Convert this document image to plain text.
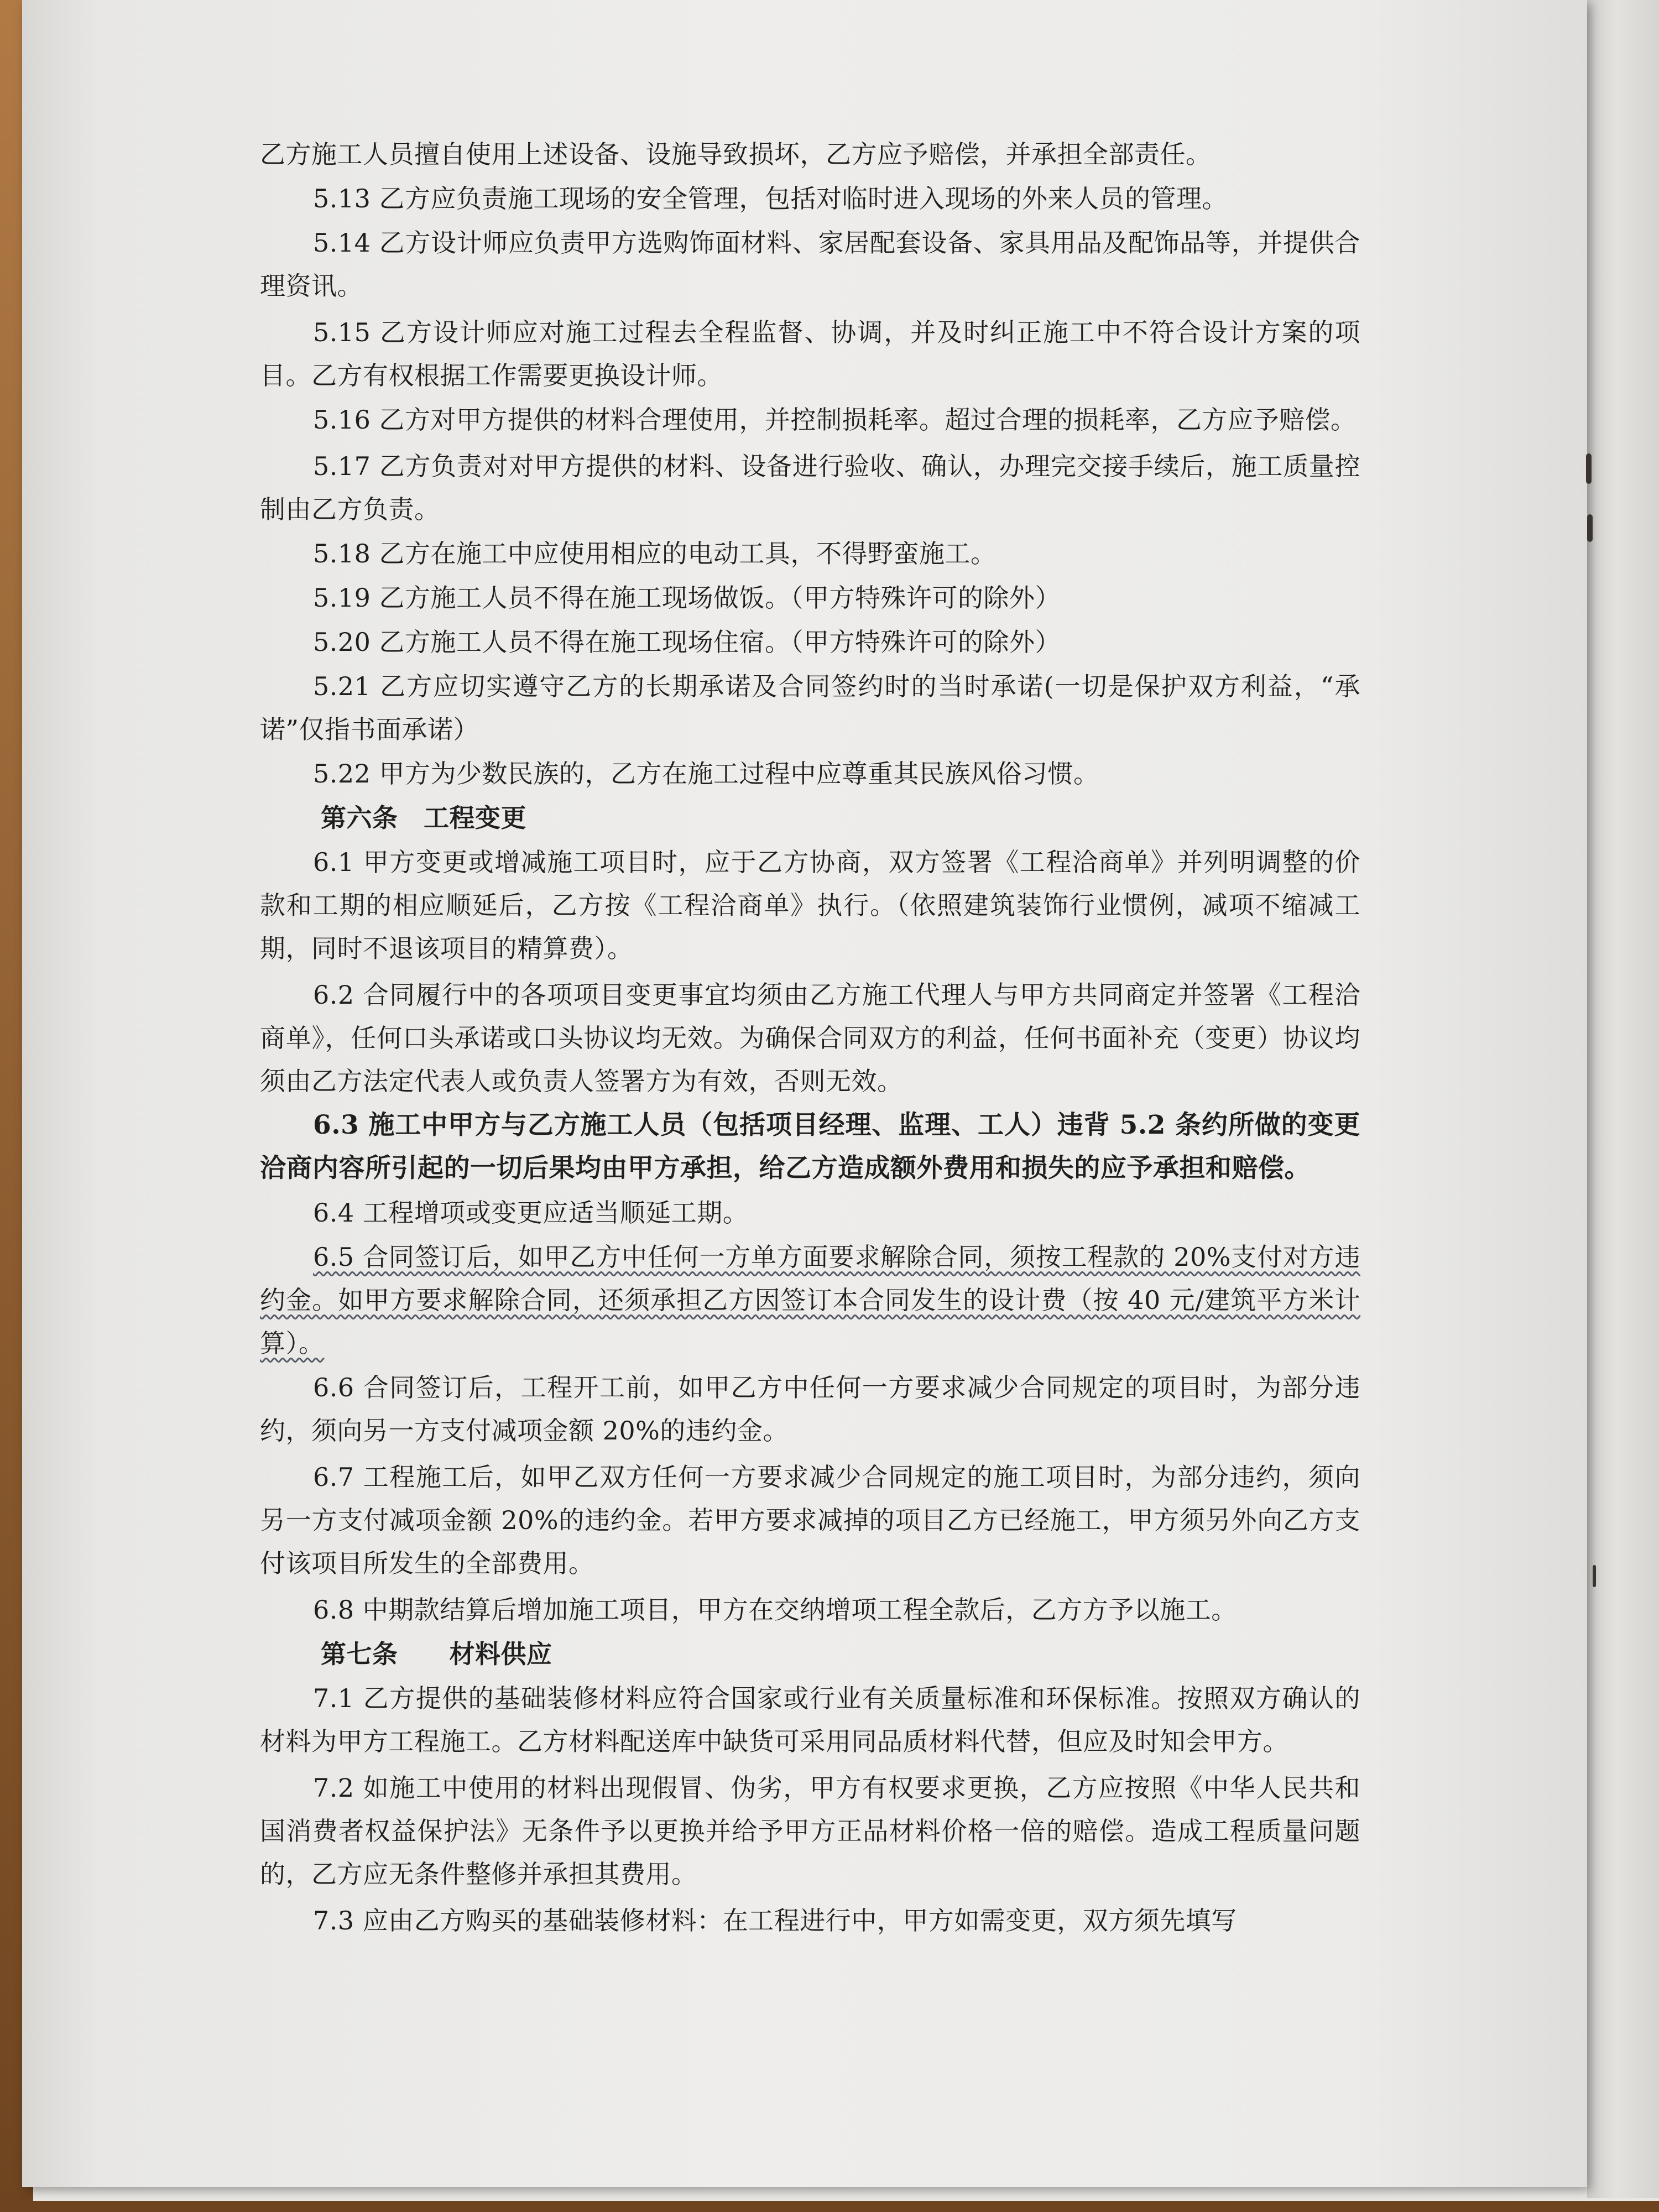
乙方施工人员擅自使用上述设备、设施导致损坏，乙方应予赔偿，并承担全部责任。

5.13 乙方应负责施工现场的安全管理，包括对临时进入现场的外来人员的管理。

5.14 乙方设计师应负责甲方选购饰面材料、家居配套设备、家具用品及配饰品等，并提供合理资讯。

5.15 乙方设计师应对施工过程去全程监督、协调，并及时纠正施工中不符合设计方案的项目。乙方有权根据工作需要更换设计师。

5.16 乙方对甲方提供的材料合理使用，并控制损耗率。超过合理的损耗率，乙方应予赔偿。

5.17 乙方负责对对甲方提供的材料、设备进行验收、确认，办理完交接手续后，施工质量控制由乙方负责。

5.18 乙方在施工中应使用相应的电动工具，不得野蛮施工。

5.19 乙方施工人员不得在施工现场做饭。（甲方特殊许可的除外）

5.20 乙方施工人员不得在施工现场住宿。（甲方特殊许可的除外）

5.21 乙方应切实遵守乙方的长期承诺及合同签约时的当时承诺(一切是保护双方利益，“承诺”仅指书面承诺）

5.22 甲方为少数民族的，乙方在施工过程中应尊重其民族风俗习惯。

第六条　工程变更

6.1 甲方变更或增减施工项目时，应于乙方协商，双方签署《工程洽商单》并列明调整的价款和工期的相应顺延后，乙方按《工程洽商单》执行。（依照建筑装饰行业惯例，减项不缩减工期，同时不退该项目的精算费）。

6.2 合同履行中的各项项目变更事宜均须由乙方施工代理人与甲方共同商定并签署《工程洽商单》，任何口头承诺或口头协议均无效。为确保合同双方的利益，任何书面补充（变更）协议均须由乙方法定代表人或负责人签署方为有效，否则无效。

6.3 施工中甲方与乙方施工人员（包括项目经理、监理、工人）违背 5.2 条约所做的变更洽商内容所引起的一切后果均由甲方承担，给乙方造成额外费用和损失的应予承担和赔偿。

6.4 工程增项或变更应适当顺延工期。

6.5 合同签订后，如甲乙方中任何一方单方面要求解除合同，须按工程款的 20%支付对方违约金。如甲方要求解除合同，还须承担乙方因签订本合同发生的设计费（按 40 元/建筑平方米计算）。

6.6 合同签订后，工程开工前，如甲乙方中任何一方要求减少合同规定的项目时，为部分违约，须向另一方支付减项金额 20%的违约金。

6.7 工程施工后，如甲乙双方任何一方要求减少合同规定的施工项目时，为部分违约，须向另一方支付减项金额 20%的违约金。若甲方要求减掉的项目乙方已经施工，甲方须另外向乙方支付该项目所发生的全部费用。

6.8 中期款结算后增加施工项目，甲方在交纳增项工程全款后，乙方方予以施工。

第七条　　材料供应

7.1 乙方提供的基础装修材料应符合国家或行业有关质量标准和环保标准。按照双方确认的材料为甲方工程施工。乙方材料配送库中缺货可采用同品质材料代替，但应及时知会甲方。

7.2 如施工中使用的材料出现假冒、伪劣，甲方有权要求更换，乙方应按照《中华人民共和国消费者权益保护法》无条件予以更换并给予甲方正品材料价格一倍的赔偿。造成工程质量问题的，乙方应无条件整修并承担其费用。

7.3 应由乙方购买的基础装修材料：在工程进行中，甲方如需变更，双方须先填写
